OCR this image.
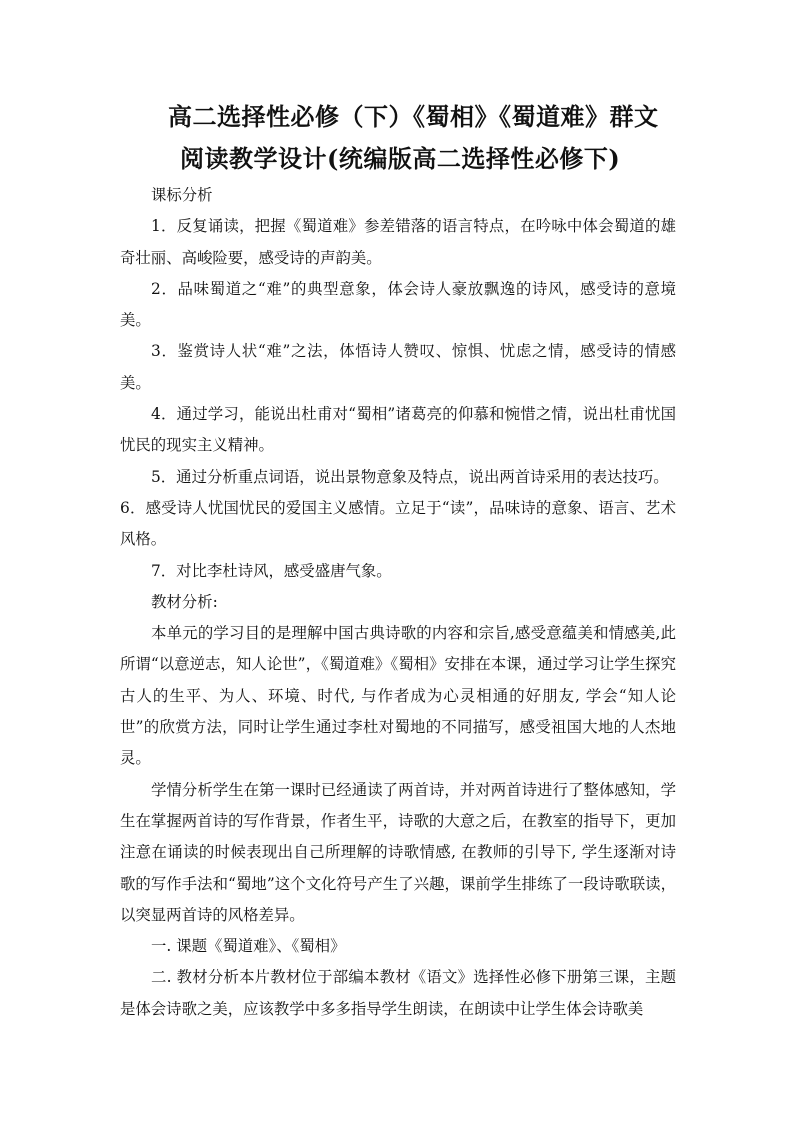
高二选择性必修（下）《蜀相》《蜀道难》群文
阅读教学设计(统编版高二选择性必修下)

课标分析

1．反复诵读，把握《蜀道难》参差错落的语言特点，在吟咏中体会蜀道的雄奇壮丽、高峻险要，感受诗的声韵美。

2．品味蜀道之“难”的典型意象，体会诗人豪放飘逸的诗风，感受诗的意境美。

3．鉴赏诗人状“难”之法，体悟诗人赞叹、惊惧、忧虑之情，感受诗的情感美。

4．通过学习，能说出杜甫对“蜀相”诸葛亮的仰慕和惋惜之情，说出杜甫忧国忧民的现实主义精神。

5．通过分析重点词语，说出景物意象及特点，说出两首诗采用的表达技巧。

6．感受诗人忧国忧民的爱国主义感情。立足于“读”，品味诗的意象、语言、艺术风格。

7．对比李杜诗风，感受盛唐气象。

教材分析:

本单元的学习目的是理解中国古典诗歌的内容和宗旨,感受意蕴美和情感美,此所谓“以意逆志，知人论世”，《蜀道难》《蜀相》安排在本课，通过学习让学生探究古人的生平、为人、环境、时代, 与作者成为心灵相通的好朋友, 学会“知人论世”的欣赏方法，同时让学生通过李杜对蜀地的不同描写，感受祖国大地的人杰地灵。

学情分析学生在第一课时已经通读了两首诗，并对两首诗进行了整体感知，学生在掌握两首诗的写作背景，作者生平，诗歌的大意之后，在教室的指导下，更加注意在诵读的时候表现出自己所理解的诗歌情感, 在教师的引导下, 学生逐渐对诗歌的写作手法和“蜀地”这个文化符号产生了兴趣，课前学生排练了一段诗歌联读，以突显两首诗的风格差异。

一. 课题《蜀道难》、《蜀相》

二. 教材分析本片教材位于部编本教材《语文》选择性必修下册第三课，主题是体会诗歌之美，应该教学中多多指导学生朗读，在朗读中让学生体会诗歌美
